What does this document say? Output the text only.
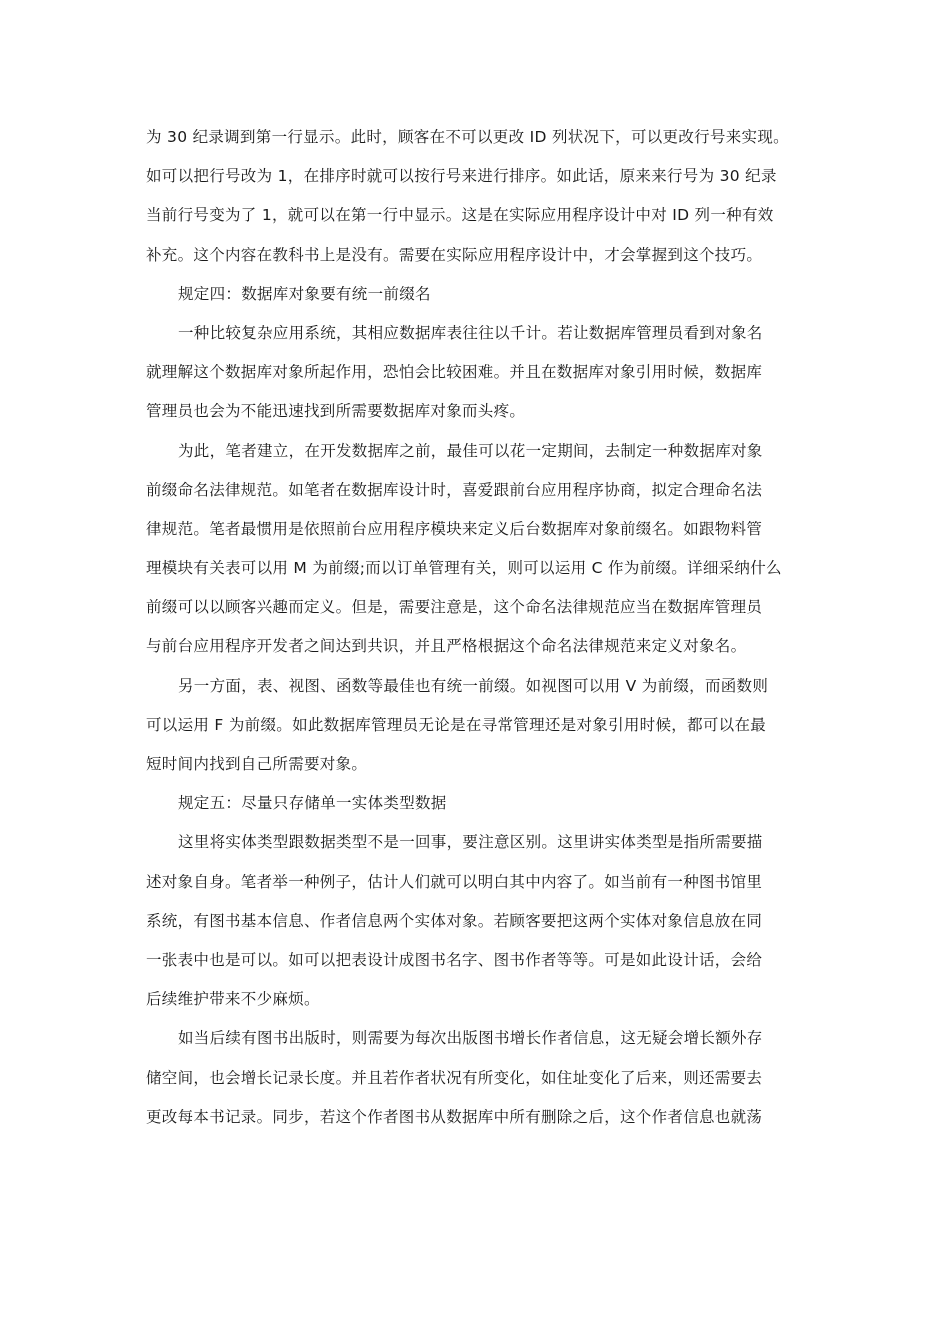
为 30 纪录调到第一行显示。此时，顾客在不可以更改 ID 列状况下，可以更改行号来实现。
如可以把行号改为 1，在排序时就可以按行号来进行排序。如此话，原来来行号为 30 纪录
当前行号变为了 1，就可以在第一行中显示。这是在实际应用程序设计中对 ID 列一种有效
补充。这个内容在教科书上是没有。需要在实际应用程序设计中，才会掌握到这个技巧。
规定四：数据库对象要有统一前缀名
一种比较复杂应用系统，其相应数据库表往往以千计。若让数据库管理员看到对象名
就理解这个数据库对象所起作用，恐怕会比较困难。并且在数据库对象引用时候，数据库
管理员也会为不能迅速找到所需要数据库对象而头疼。
为此，笔者建立，在开发数据库之前，最佳可以花一定期间，去制定一种数据库对象
前缀命名法律规范。如笔者在数据库设计时，喜爱跟前台应用程序协商，拟定合理命名法
律规范。笔者最惯用是依照前台应用程序模块来定义后台数据库对象前缀名。如跟物料管
理模块有关表可以用 M 为前缀;而以订单管理有关，则可以运用 C 作为前缀。详细采纳什么
前缀可以以顾客兴趣而定义。但是，需要注意是，这个命名法律规范应当在数据库管理员
与前台应用程序开发者之间达到共识，并且严格根据这个命名法律规范来定义对象名。
另一方面，表、视图、函数等最佳也有统一前缀。如视图可以用 V 为前缀，而函数则
可以运用 F 为前缀。如此数据库管理员无论是在寻常管理还是对象引用时候，都可以在最
短时间内找到自己所需要对象。
规定五：尽量只存储单一实体类型数据
这里将实体类型跟数据类型不是一回事，要注意区别。这里讲实体类型是指所需要描
述对象自身。笔者举一种例子，估计人们就可以明白其中内容了。如当前有一种图书馆里
系统，有图书基本信息、作者信息两个实体对象。若顾客要把这两个实体对象信息放在同
一张表中也是可以。如可以把表设计成图书名字、图书作者等等。可是如此设计话，会给
后续维护带来不少麻烦。
如当后续有图书出版时，则需要为每次出版图书增长作者信息，这无疑会增长额外存
储空间，也会增长记录长度。并且若作者状况有所变化，如住址变化了后来，则还需要去
更改每本书记录。同步，若这个作者图书从数据库中所有删除之后，这个作者信息也就荡
